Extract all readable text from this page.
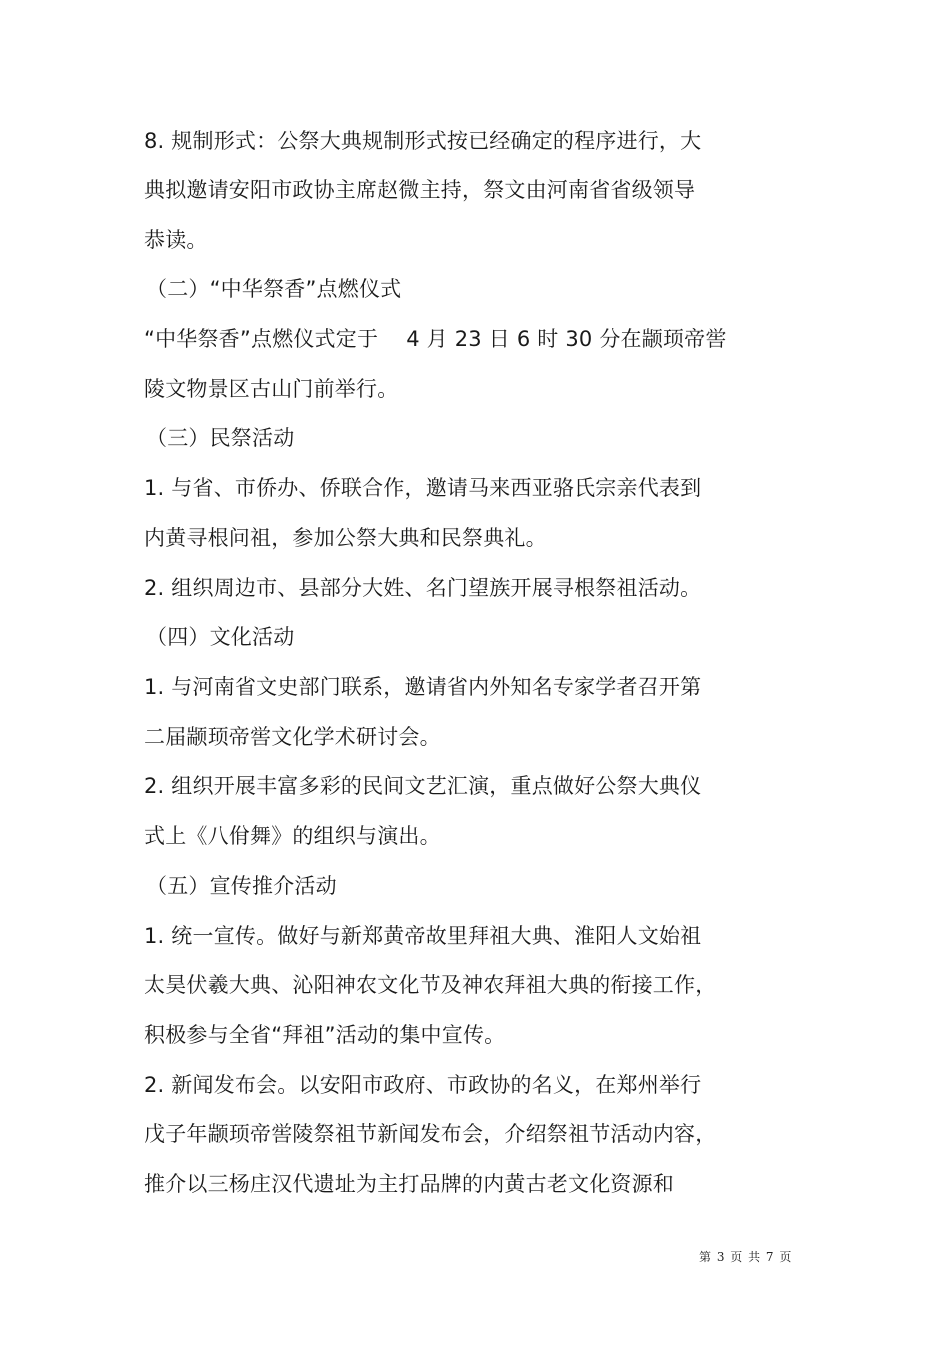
8. 规制形式：公祭大典规制形式按已经确定的程序进行，大
典拟邀请安阳市政协主席赵微主持，祭文由河南省省级领导
恭读。
（二）“中华祭香”点燃仪式
“中华祭香”点燃仪式定于　 4 月 23 日 6 时 30 分在颛顼帝喾
陵文物景区古山门前举行。
（三）民祭活动
1. 与省、市侨办、侨联合作，邀请马来西亚骆氏宗亲代表到
内黄寻根问祖，参加公祭大典和民祭典礼。
2. 组织周边市、县部分大姓、名门望族开展寻根祭祖活动。
（四）文化活动
1. 与河南省文史部门联系，邀请省内外知名专家学者召开第
二届颛顼帝喾文化学术研讨会。
2. 组织开展丰富多彩的民间文艺汇演，重点做好公祭大典仪
式上《八佾舞》的组织与演出。
（五）宣传推介活动
1. 统一宣传。做好与新郑黄帝故里拜祖大典、淮阳人文始祖
太昊伏羲大典、沁阳神农文化节及神农拜祖大典的衔接工作，
积极参与全省“拜祖”活动的集中宣传。
2. 新闻发布会。以安阳市政府、市政协的名义，在郑州举行
戊子年颛顼帝喾陵祭祖节新闻发布会，介绍祭祖节活动内容，
推介以三杨庄汉代遗址为主打品牌的内黄古老文化资源和
第 3 页 共 7 页
